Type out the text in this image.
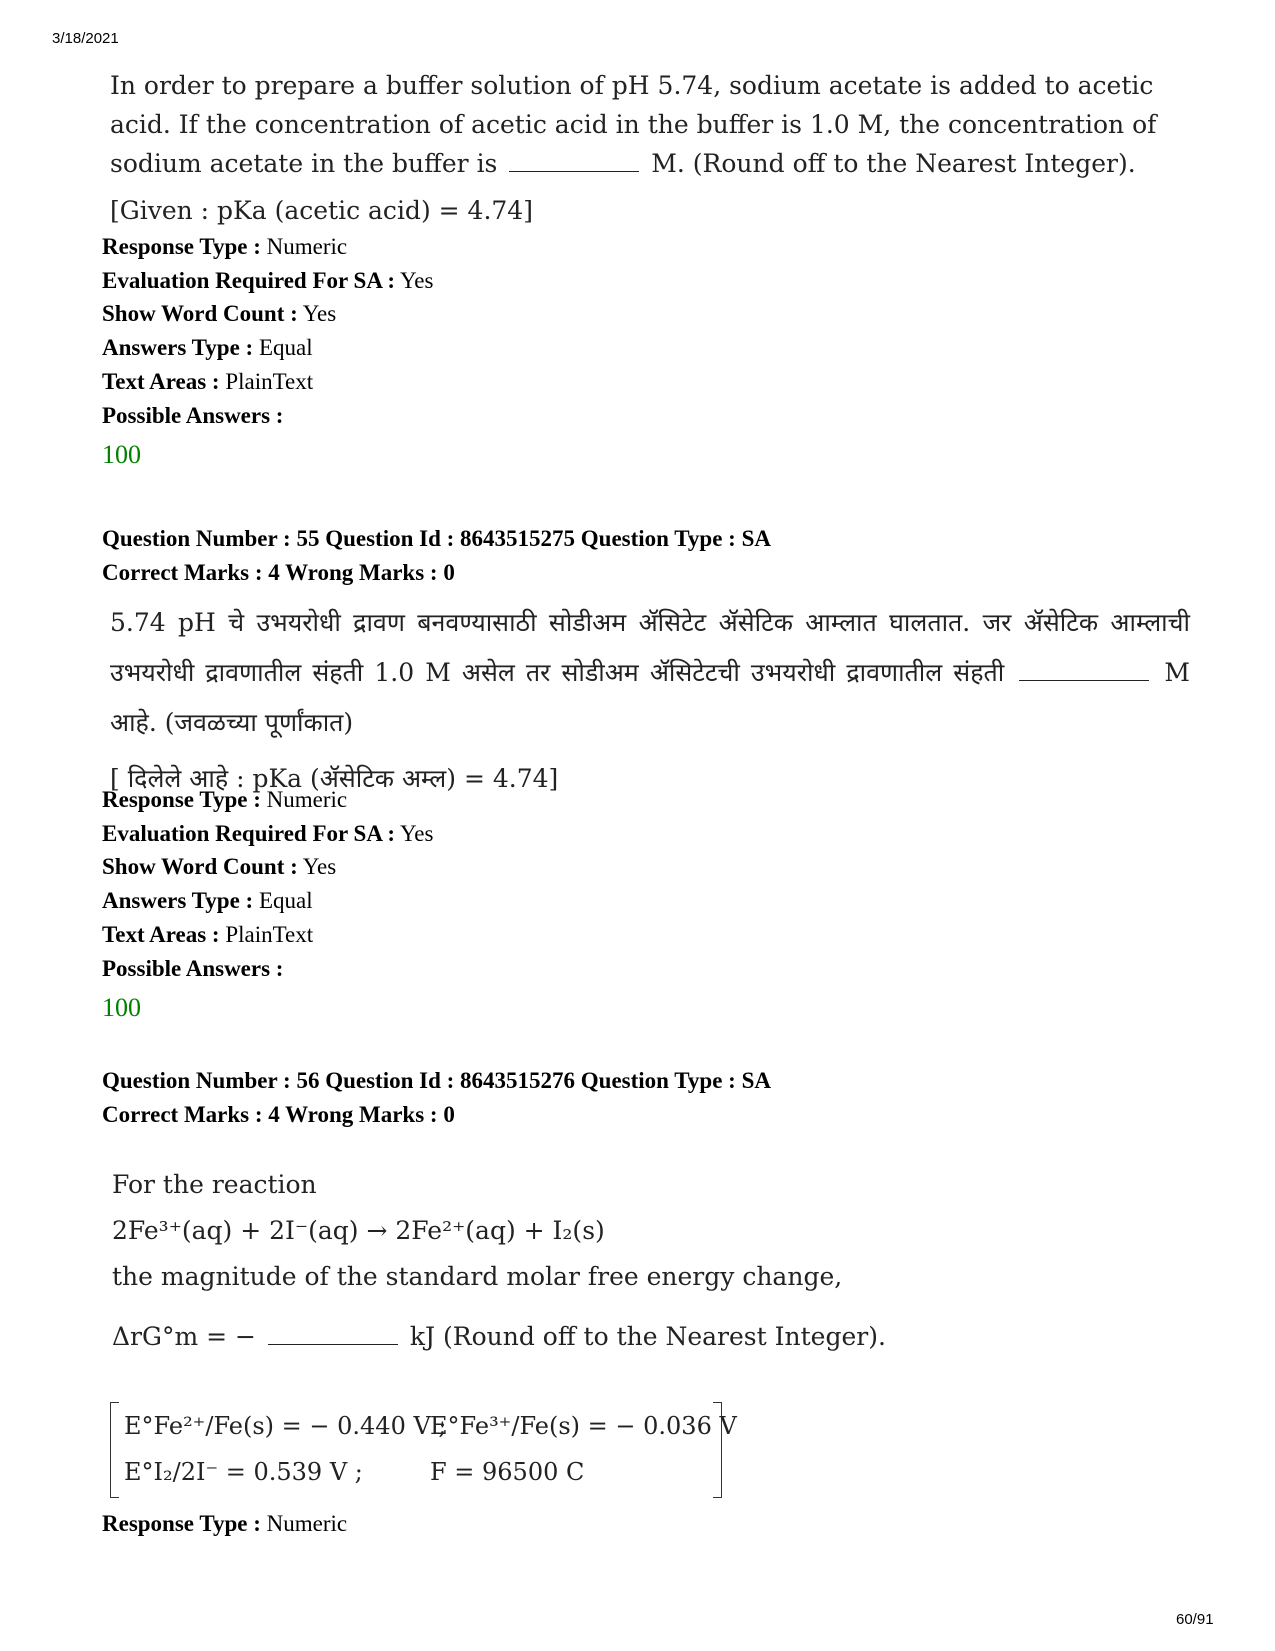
3/18/2021
In order to prepare a buffer solution of pH 5.74, sodium acetate is added to acetic acid. If the concentration of acetic acid in the buffer is 1.0 M, the concentration of sodium acetate in the buffer is	M. (Round off to the Nearest Integer).
[Given : pKa (acetic acid) = 4.74]
Response Type : Numeric
Evaluation Required For SA : Yes
Show Word Count : Yes
Answers Type : Equal
Text Areas : PlainText
Possible Answers :
100
Question Number : 55 Question Id : 8643515275 Question Type : SA
Correct Marks : 4 Wrong Marks : 0
5.74 pH चे उभयरोधी द्रावण बनवण्यासाठी सोडीअम ॲसिटेट ॲसेटिक आम्लात घालतात. जर ॲसेटिक आम्लाची उभयरोधी द्रावणातील संहती 1.0 M असेल तर सोडीअम ॲसिटेटची उभयरोधी द्रावणातील संहती	M आहे. (जवळच्या पूर्णांकात)
[ दिलेले आहे : pKa (ॲसेटिक अम्ल) = 4.74]
Response Type : Numeric
Evaluation Required For SA : Yes
Show Word Count : Yes
Answers Type : Equal
Text Areas : PlainText
Possible Answers :
100
Question Number : 56 Question Id : 8643515276 Question Type : SA
Correct Marks : 4 Wrong Marks : 0
For the reaction
2Fe³⁺(aq) + 2I⁻(aq) → 2Fe²⁺(aq) + I₂(s)
the magnitude of the standard molar free energy change,
ΔrG°m = −	kJ (Round off to the Nearest Integer).
E°Fe²⁺/Fe(s) = − 0.440 V ;
E°Fe³⁺/Fe(s) = − 0.036 V
E°I₂/2I⁻ = 0.539 V ;	F = 96500 C
Response Type : Numeric
60/91
